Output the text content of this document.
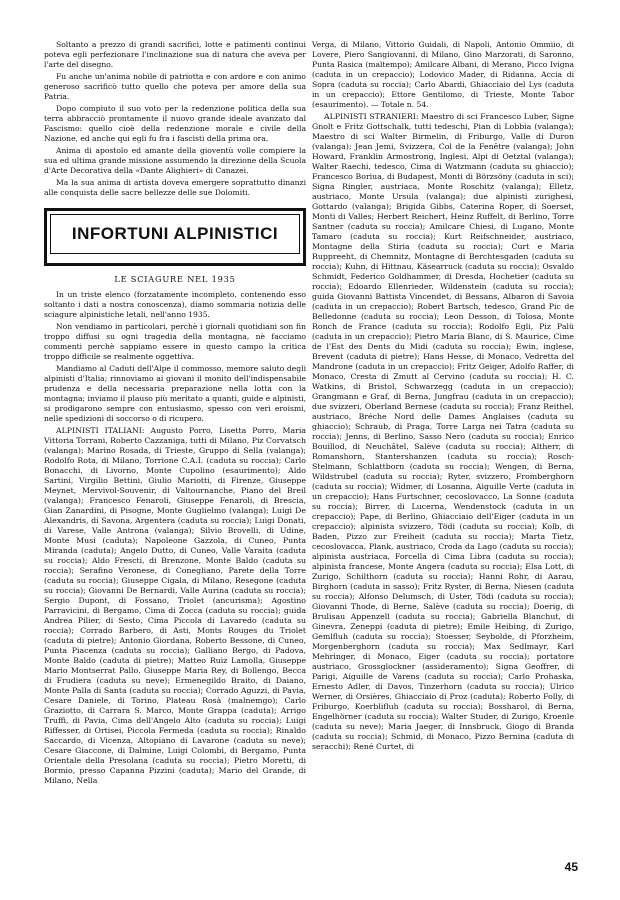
Soltanto a prezzo di grandi sacrifici, lotte e patimenti continui poteva egli perfezionare l'inclinazione sua di natura che aveva per l'arte del disegno.

Fu anche un'anima nobile di patriotta e con ardore e con animo generoso sacrificò tutto quello che poteva per amore della sua Patria.

Dopo compiuto il suo voto per la redenzione politica della sua terra abbracciò prontamente il nuovo grande ideale avanzato dal Fascismo: quello cioè della redenzione morale e civile della Nazione, ed anche qui egli fu fra i fascisti della prima ora.

Anima di apostolo ed amante della gioventù volle compiere la sua ed ultima grande missione assumendo la direzione della Scuola d'Arte Decorativa della «Dante Alighieri» di Canazei.

Ma la sua anima di artista doveva emergere soprattutto dinanzi alle conquista delle sacre bellezze delle sue Dolomiti.

INFORTUNI ALPINISTICI
LE SCIAGURE NEL 1935

In un triste elenco (forzatamente incompleto, contenendo esso soltanto i dati a nostra conoscenza), diamo sommaria notizia delle sciagure alpinistiche letali, nell'anno 1935.

Non vendiamo in particolari, perchè i giornali quotidiani son fin troppo diffusi su ogni tragedia della montagna, nè facciamo commenti perchè sappiamo essere in questo campo la critica troppo difficile se realmente oggettiva.

Mandiamo al Caduti dell'Alpe il commosso, memore saluto degli alpinisti d'Italia; rinnoviamo ai giovani il monito dell'indispensabile prudenza e della necessaria preparazione nella lotta con la montagna; inviamo il plauso più meritato a quanti, guide e alpinisti, si prodigarono sempre con entusiasmo, spesso con veri eroismi, nelle spedizioni di soccorso o di ricupero.

ALPINISTI ITALIANI: Augusto Porro, Lisetta Porro, Maria Vittoria Torrani, Roberto Cazzaniga, tutti di Milano, Piz Corvatsch (valanga); Marino Rosada, di Trieste, Gruppo di Sella (valanga); Rodolfo Rota, di Milano, Torrione C.A.I. (caduta su roccia); Carlo Bonacchi, di Livorno, Monte Cupolino (esaurimento); Aldo Sartini, Virgilio Bettini, Giulio Mariotti, di Firenze, Giuseppe Meynet, Mervivol-Souvenir, di Valtournanche, Piano del Breil (valanga); Francesco Fenaroli, Giuseppe Fenaroli, di Brescia, Gian Zanardini, di Pisogne, Monte Guglielmo (valanga); Luigi De Alexandris, di Savona, Argentera (caduta su roccia); Luigi Donati, di Varese, Valle Antrona (valanga); Silvio Brovelli, di Udine, Monte Musi (caduta); Napoleone Gazzola, di Cuneo, Punta Miranda (caduta); Angelo Dutto, di Cuneo, Valle Varaita (caduta su roccia); Aldo Frescti, di Brenzone, Monte Baldo (caduta su roccia); Serafino Veronese, di Conegliano, Parete della Torre (caduta su roccia); Giuseppe Cigala, di Milano, Resegone (caduta su roccia); Giovanni De Bernardi, Valle Aurina (caduta su roccia); Sergio Dupont, di Fossano, Triolet (ancurisma); Agostino Parravicini, di Bergamo, Cima di Zocca (caduta su roccia); guida Andrea Pilier, di Sesto, Cima Piccola di Lavaredo (caduta su roccia); Corrado Barbero, di Asti, Monts Rouges du Triolet (caduta di pietre); Antonio Giordana, Roberto Bessone, di Cuneo, Punta Piacenza (caduta su roccia); Galliano Bergo, di Padova, Monte Baldo (caduta di pietre); Matteo Ruiz Lamolla, Giuseppe Mario Montserrat Pallo, Giuseppe Maria Rey, di Bollengo, Becca di Frudiera (caduta su neve); Ermenegildo Braito, di Daiano, Monte Palla di Santa (caduta su roccia); Corrado Aguzzi, di Pavia, Cesare Daniele, di Torino, Plateau Rosà (malnemgo); Carlo Graziotto, di Carrara S. Marco, Monte Grappa (caduta); Arrigo Truffi, di Pavia, Cima dell'Angelo Alto (caduta su roccia); Luigi Riffesser, di Ortisei, Piccola Fermeda (caduta su roccia); Rinaldo Saccardo, di Vicenza, Altopiano di Lavarone (caduta su neve); Cesare Giaccone, di Dalmine, Luigi Colombi, di Bergamo, Punta Orientale della Presolana (caduta su roccia); Pietro Moretti, di Bormio, presso Capanna Pizzini (caduta); Mario del Grande, di Milano, Nella

Verga, di Milano, Vittorio Guidali, di Napoli, Antonio Ommiio, di Lovere, Piero Sangiovanni, di Milano, Gino Marzorati, di Saronno, Punta Rasica (maltempo); Amilcare Albani, di Merano, Picco Ivigna (caduta in un crepaccio); Lodovico Mader, di Ridanna, Accia di Sopra (caduta su roccia); Carlo Abardi, Ghiacciaio del Lys (caduta in un crepaccio); Ettore Gentilomo, di Trieste, Monte Tabor (esaurimento). — Totale n. 54.

ALPINISTI STRANIERI: Maestro di sci Francesco Luber, Signe Gnolt e Fritz Gottschalk, tutti tedeschi, Pian di Lobbia (valanga); Maestro di sci Walter Birmelin, di Friburgo, Valle di Duron (valanga); Jean Jemi, Svizzera, Col de la Fenêtre (valanga); John Howard, Franklin Armostrong, Inglesi, Alpi di Oetztal (valanga); Walter Raechi, tedesco, Cima di Watzmann (caduta su ghiaccio); Francesco Boriua, di Budapest, Monti di Börzsöny (caduta in sci); Signa Ringler, austriaca, Monte Roschitz (valanga); Elletz, austriaco, Monte Ursula (valanga); due alpinisti zurighesi, Gottardo (valanga); Brigida Gibbs, Caterina Roper, di Soerset, Monti di Valles; Herbert Reichert, Heinz Ruffelt, di Berlino, Torre Santner (caduta su roccia); Amilcare Chiesi, di Lugano, Monte Tamaro (caduta su roccia); Kurt Reifschneider, austriaco, Montagne della Stiria (caduta su roccia); Curt e Maria Ruppreeht, di Chemnitz, Montagne di Berchtesgaden (caduta su roccia); Kuhn, di Hittnau, Käsearruck (caduta su roccia); Osvaldo Schmidt, Federico Goldhammer, di Dresda, Hochetier (caduta su roccia); Edoardo Ellenrieder, Wildenstein (caduta su roccia); guida Giovanni Battista Vincendet, di Bessans, Albaron di Savoia (caduta in un crepaccio); Robert Bartsch, tedesco, Grand Pic de Belledonne (caduta su roccia); Leon Desson, di Tolosa, Monte Ronch de France (caduta su roccia); Rodolfo Egli, Piz Palü (caduta in un crepaccio); Pietro Maria Blanc, di S. Maurice, Cime de l'Est des Dents du Midi (caduta su roccia); Ewin, inglese, Brevent (caduta di pietre); Hans Hesse, di Monaco, Vedretta del Mandrone (caduta in un crepaccio); Fritz Geiger, Adolfo Raffer, di Monaco, Cresta di Zmutt al Cervino (caduta su roccia); H. C. Watkins, di Bristol, Schwarzegg (caduta in un crepaccio); Grangmann e Graf, di Berna, Jungfrau (caduta in un crepaccio); due svizzeri, Oberland Bernese (caduta su roccia); Franz Reithel, austriaco, Bréche Nord delle Dames Anglaises (caduta su ghiaccio); Schraub, di Praga, Torre Larga nei Tatra (caduta su roccia); Jenns, di Berlino, Sasso Nero (caduta su roccia); Enrico Bouillod, di Neuchâtel, Salève (caduta su roccia); Altherr, di Romanshorn, Stantershanzen (caduta su roccia); Rosch-Stelmann, Schlattborn (caduta su roccia); Wengen, di Berna, Wildstrubel (caduta su roccia); Ryter, svizzero, Fromberghorn (caduta su roccia); Widmer, di Losanna, Aiguille Verte (caduta in un crepaccio); Hans Furtschner, cecoslovacco, La Sonne (caduta su roccia); Birrer, di Lucerna, Wendenstock (caduta in un crepaccio); Pape, di Berlino, Ghiacciaio dell'Eiger (caduta in un crepaccio); alpinista svizzero, Tödi (caduta su roccia); Kolb, di Baden, Pizzo zur Freiheit (caduta su roccia); Marta Tietz, cecoslovacca, Plank, austriaco, Croda da Lago (caduta su roccia); alpinista austriaca, Forcella di Cima Libra (caduta su roccia); alpinista francese, Monte Angera (caduta su roccia); Elsa Lott, di Zurigo, Schilthorn (caduta su roccia); Hanni Rohr, di Aarau, Birghorn (caduta in sasso); Fritz Ryster, di Berna, Niesen (caduta su roccia); Alfonso Delumsch, di Uster, Tödi (caduta su roccia); Giovanni Thode, di Berne, Salève (caduta su roccia); Doerig, di Brulisau Appenzell (caduta su roccia); Gabriella Blanchut, di Ginevra, Zeneppi (caduta di pietre); Emile Heibing, di Zurigo, Gemlfluh (caduta su roccia); Stoesser, Seybolde, di Pforzheim, Morgenberghorn (caduta su roccia); Max Sedlmayr, Karl Mehringer, di Monaco, Eiger (caduta su roccia); portatore austriaco, Grossglockner (assideramento); Signa Geoffrer, di Parigi, Aiguille de Varens (caduta su roccia); Carlo Prohaska, Ernesto Adler, di Davos, Tinzerhorn (caduta su roccia); Ulrico Werner, di Orsières, Ghiacciaio di Proz (caduta); Roberto Folly, di Friburgo, Koerblifluh (caduta su roccia); Bossharol, di Berna, Engelhörner (caduta su roccia); Walter Studer, di Zurigo, Kroenle (caduta su neve); Maria Jaeger, di Innsbruck, Giogo di Branda (caduta su roccia); Schmid, di Monaco, Pizzo Bernina (caduta di seracchi); René Curtet, di

45
